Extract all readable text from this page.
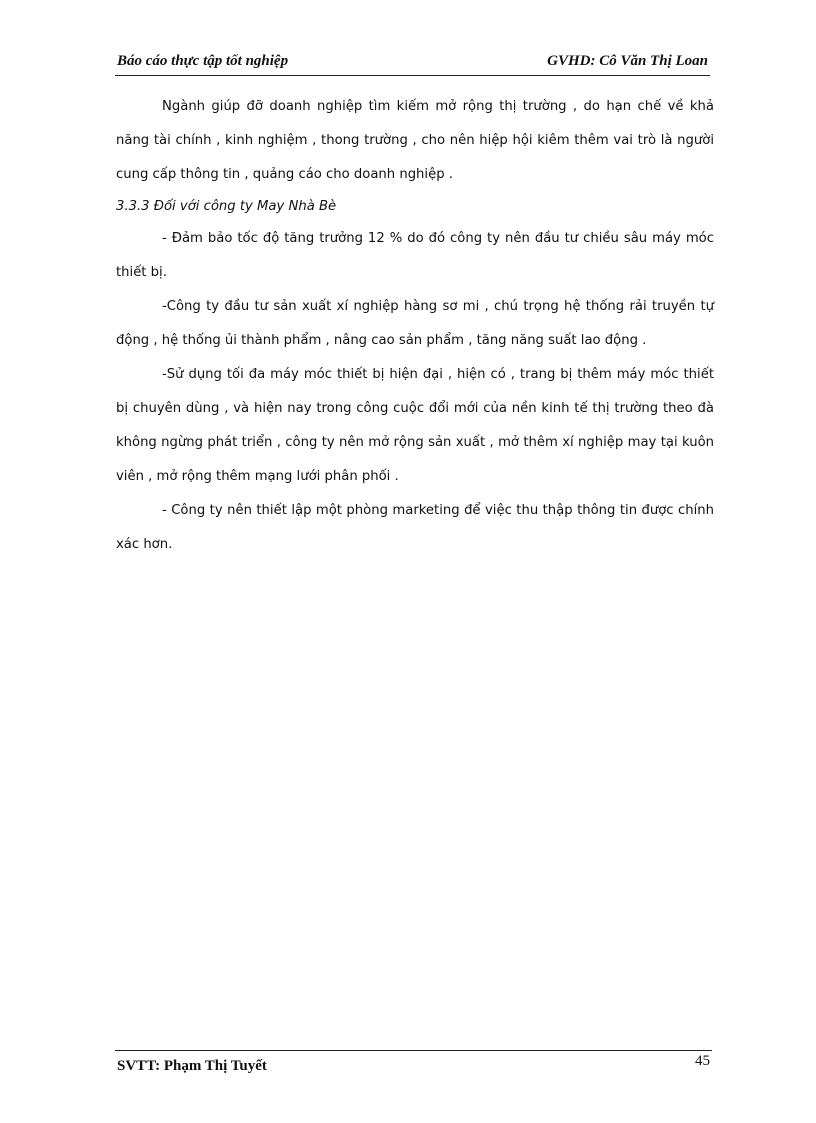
Báo cáo thực tập tốt nghiệp	GVHD: Cô Văn Thị Loan

Ngành giúp đỡ doanh nghiệp tìm kiếm mở rộng thị trường , do hạn chế về khả năng tài chính , kinh nghiệm , thong trường , cho nên hiệp hội kiêm thêm vai trò là người cung cấp thông tin , quảng cáo cho doanh nghiệp .

3.3.3 Đối với công ty May Nhà Bè

- Đảm bảo tốc độ tăng trưởng 12 % do đó công ty nên đầu tư chiều sâu máy móc thiết bị.

-Công ty đầu tư sản xuất xí nghiệp hàng sơ mi , chú trọng hệ thống rải truyền tự động , hệ thống ủi thành phẩm , nâng cao sản phẩm , tăng năng suất lao động .

-Sử dụng tối đa máy móc thiết bị hiện đại , hiện có , trang bị thêm máy móc thiết bị chuyên dùng , và hiện nay trong công cuộc đổi mới của nền kinh tế thị trường theo đà không ngừng phát triển , công ty nên mở rộng sản xuất , mở thêm xí nghiệp may tại kuôn viên , mở rộng thêm mạng lưới phân phối .

- Công ty nên thiết lập một phòng marketing để việc thu thập thông tin được chính xác hơn.

SVTT: Phạm Thị Tuyết	45
